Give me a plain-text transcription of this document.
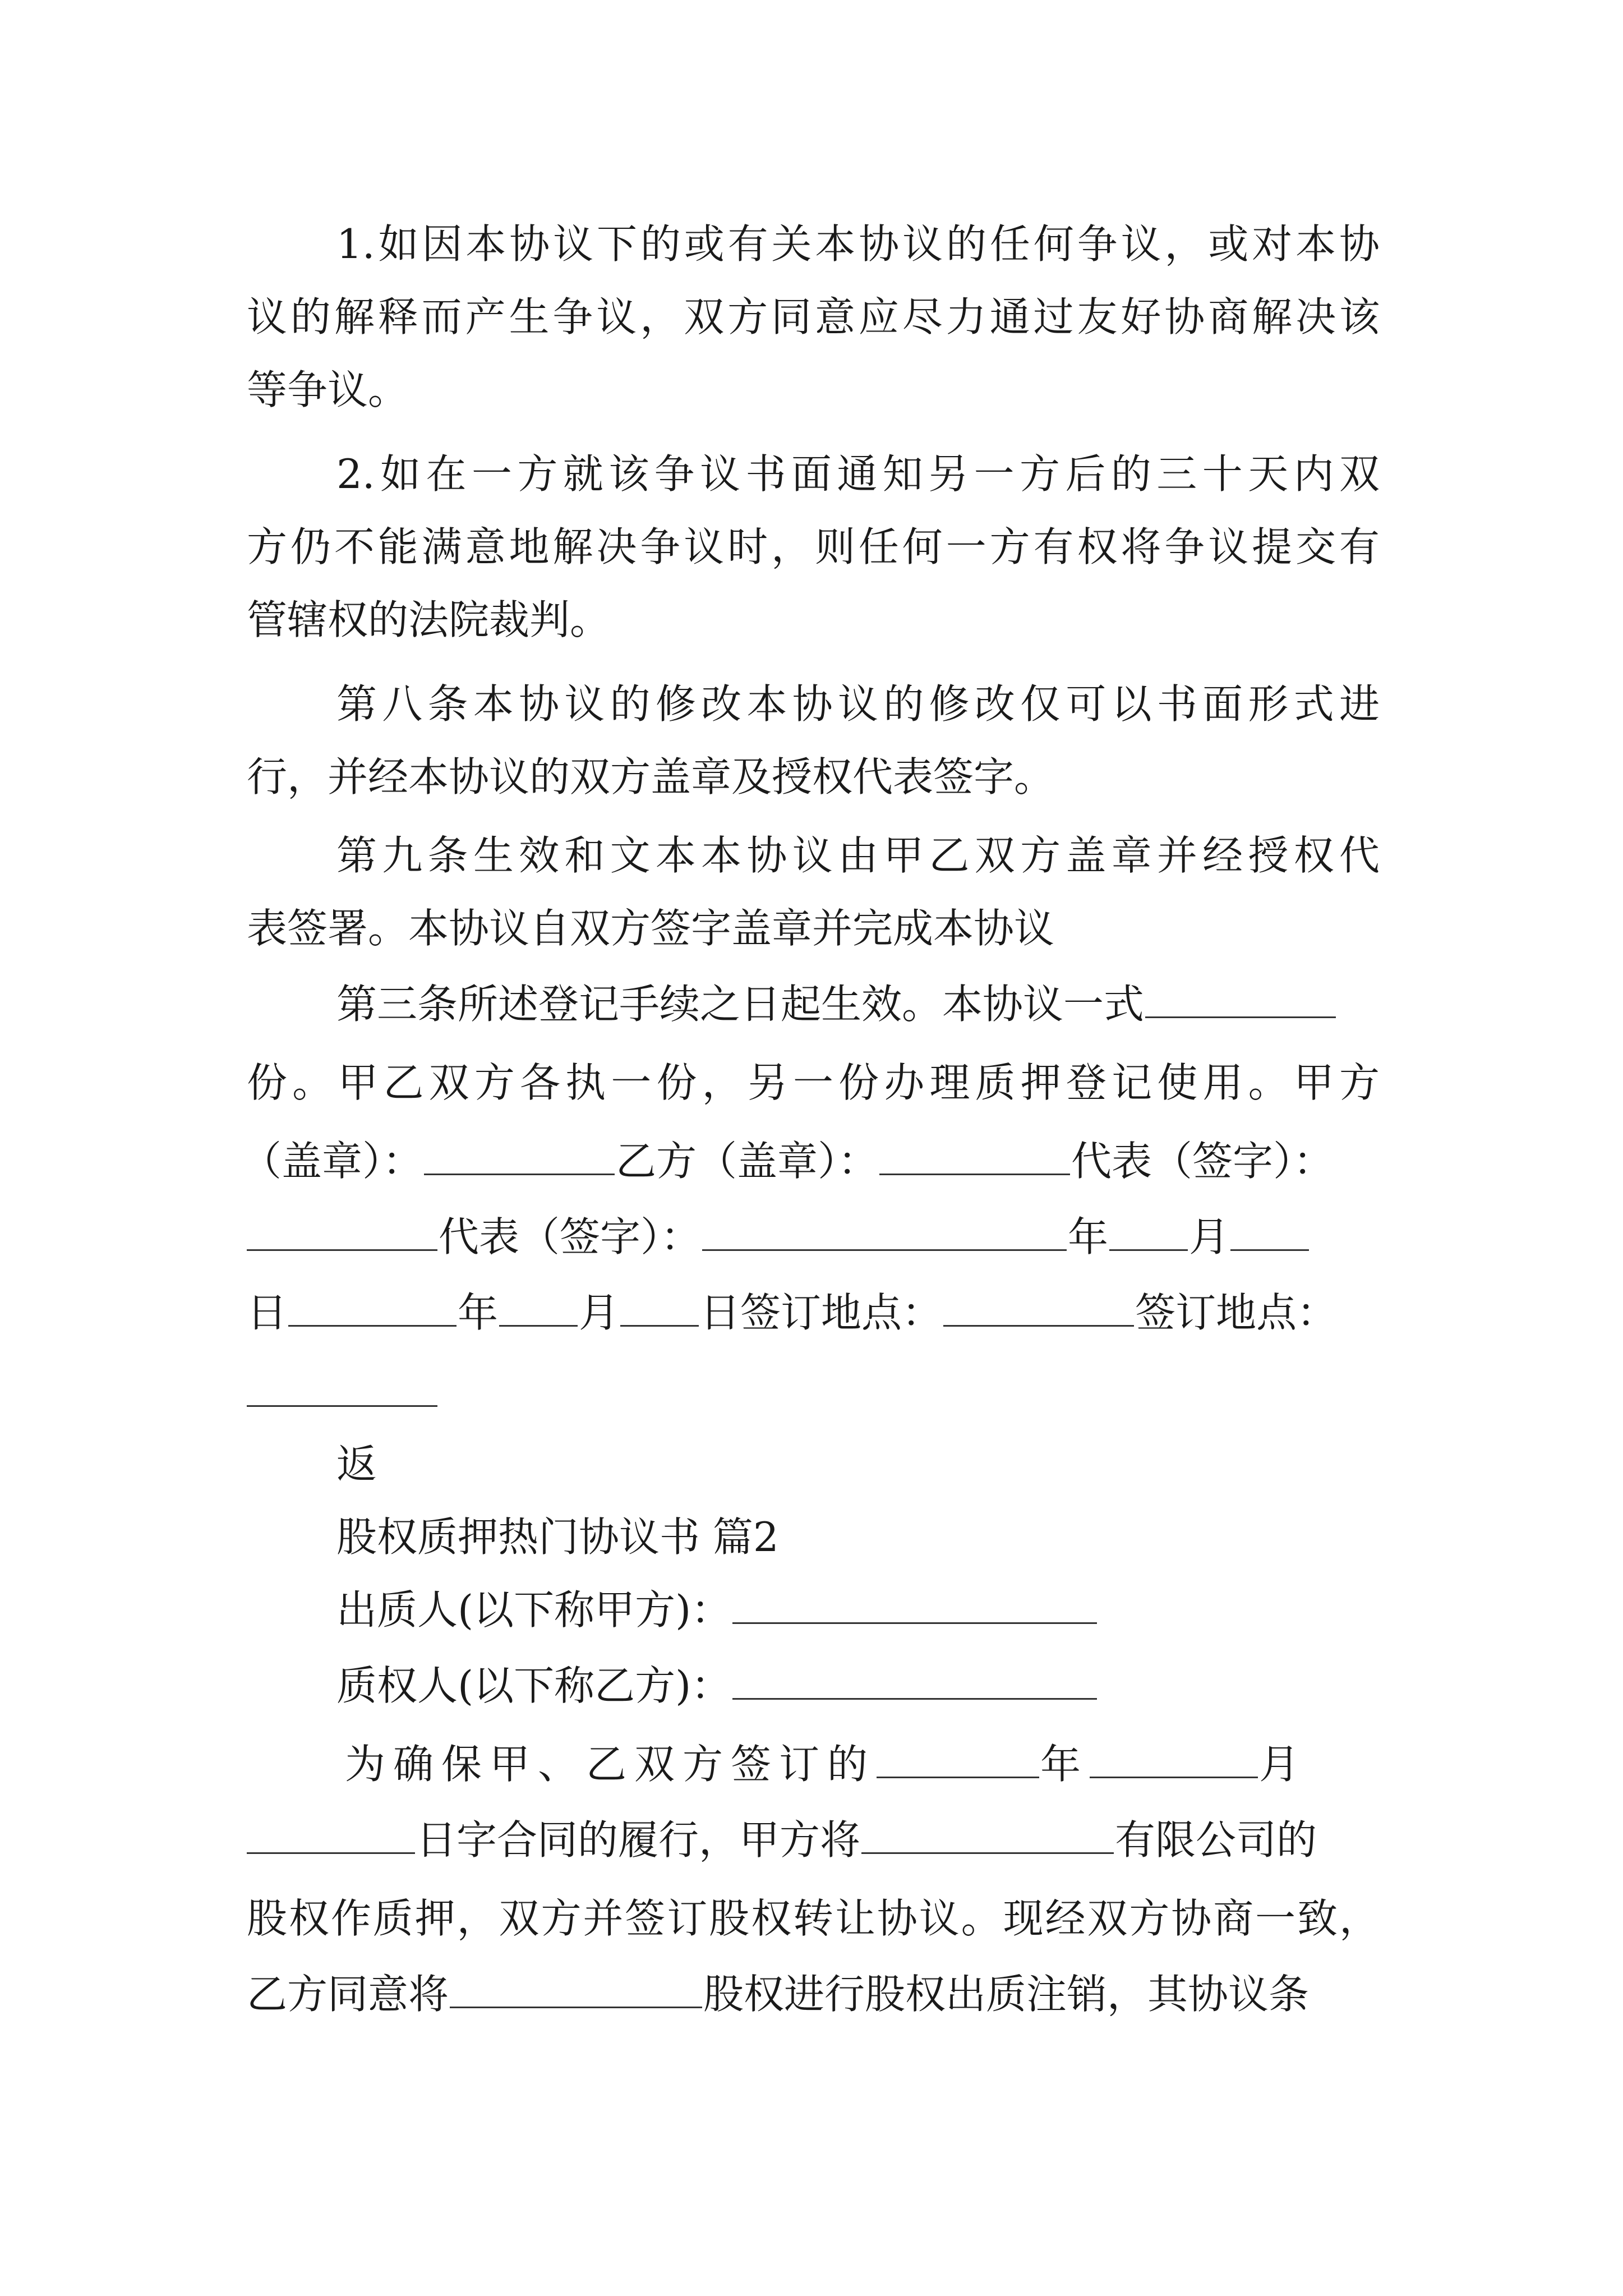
1.如因本协议下的或有关本协议的任何争议，或对本协
议的解释而产生争议，双方同意应尽力通过友好协商解决该
等争议。
2.如在一方就该争议书面通知另一方后的三十天内双
方仍不能满意地解决争议时，则任何一方有权将争议提交有
管辖权的法院裁判。
第八条本协议的修改本协议的修改仅可以书面形式进
行，并经本协议的双方盖章及授权代表签字。
第九条生效和文本本协议由甲乙双方盖章并经授权代
表签署。本协议自双方签字盖章并完成本协议
第三条所述登记手续之日起生效。本协议一式
份。甲乙双方各执一份，另一份办理质押登记使用。甲方
（盖章）：	乙方（盖章）：	代表（签字）：
代表（签字）：	年 月
日	年 月 日签订地点：	签订地点：
返
股权质押热门协议书 篇2
出质人(以下称甲方)：
质权人(以下称乙方)：
为确保甲、乙双方签订的	年	月
日字合同的履行，甲方将	有限公司的
股权作质押，双方并签订股权转让协议。现经双方协商一致，
乙方同意将	股权进行股权出质注销，其协议条
